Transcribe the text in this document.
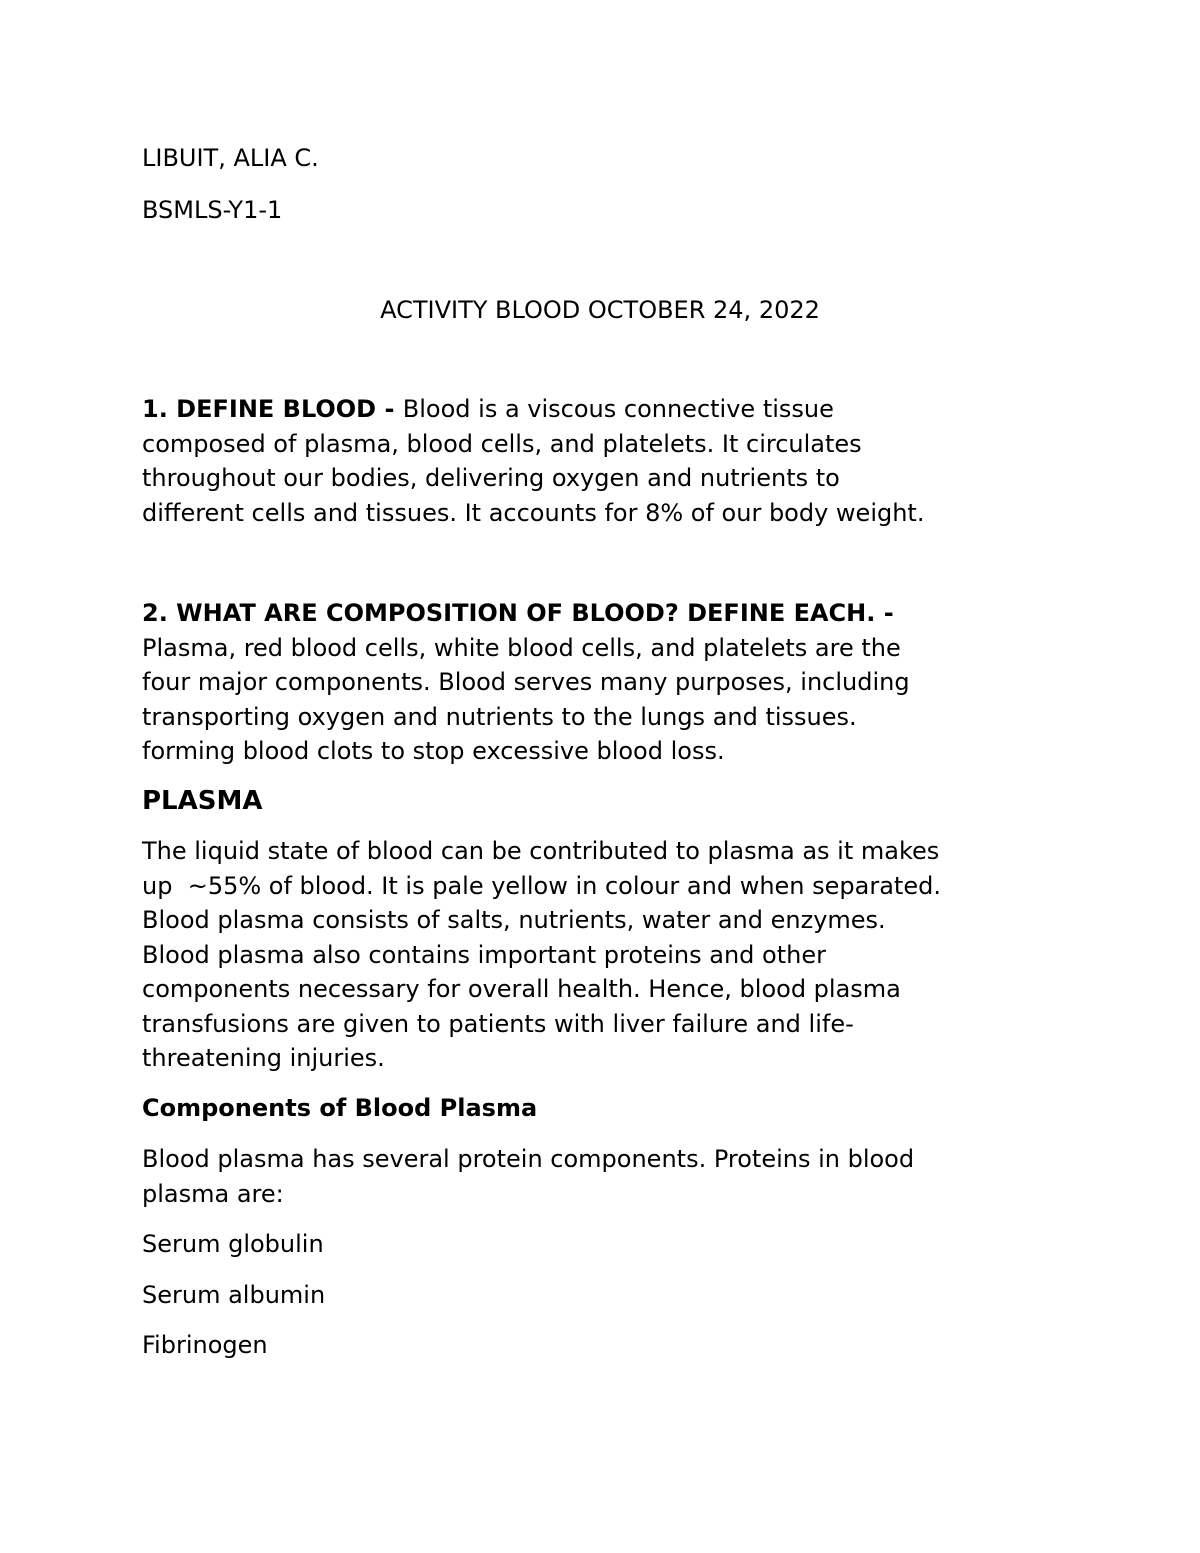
LIBUIT, ALIA C.
BSMLS-Y1-1
ACTIVITY BLOOD OCTOBER 24, 2022

1. DEFINE BLOOD - Blood is a viscous connective tissue

composed of plasma, blood cells, and platelets. It circulates

throughout our bodies, delivering oxygen and nutrients to

different cells and tissues. It accounts for 8% of our body weight.

2. WHAT ARE COMPOSITION OF BLOOD? DEFINE EACH. -

Plasma, red blood cells, white blood cells, and platelets are the

four major components. Blood serves many purposes, including

transporting oxygen and nutrients to the lungs and tissues.

forming blood clots to stop excessive blood loss.

PLASMA

The liquid state of blood can be contributed to plasma as it makes

up  ~55% of blood. It is pale yellow in colour and when separated.

Blood plasma consists of salts, nutrients, water and enzymes.

Blood plasma also contains important proteins and other

components necessary for overall health. Hence, blood plasma

transfusions are given to patients with liver failure and life-

threatening injuries.

Components of Blood Plasma

Blood plasma has several protein components. Proteins in blood

plasma are:

Serum globulin
Serum albumin
Fibrinogen
